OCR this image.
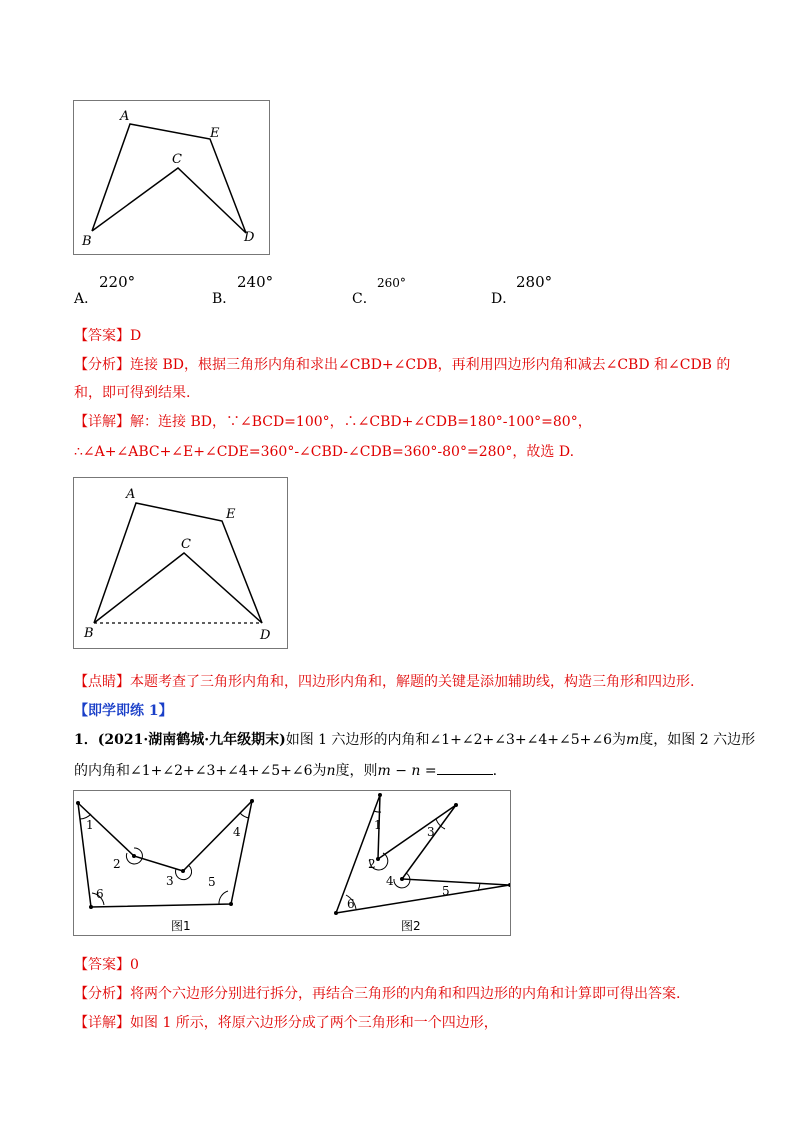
A
E
C
B	D
A．
220°
B．
240°
C．
260°
D．
280°
【答案】D
【分析】连接 BD，根据三角形内角和求出∠CBD+∠CDB，再利用四边形内角和减去∠CBD 和∠CDB 的
和，即可得到结果.
【详解】解：连接 BD，∵∠BCD=100°，∴∠CBD+∠CDB=180°-100°=80°，
∴∠A+∠ABC+∠E+∠CDE=360°-∠CBD-∠CDB=360°-80°=280°，故选 D.
A
E
C
B	D
【点睛】本题考查了三角形内角和，四边形内角和，解题的关键是添加辅助线，构造三角形和四边形.
【即学即练 1】
1．(2021·湖南鹤城·九年级期末)如图 1 六边形的内角和∠1+∠2+∠3+∠4+∠5+∠6为m度，如图 2 六边形
的内角和∠1+∠2+∠3+∠4+∠5+∠6为n度，则m − n =	.
1
2
3
4
5
6
图1
1
2
3
4
5
6
图2
【答案】0
【分析】将两个六边形分别进行拆分，再结合三角形的内角和和四边形的内角和计算即可得出答案.
【详解】如图 1 所示，将原六边形分成了两个三角形和一个四边形，
